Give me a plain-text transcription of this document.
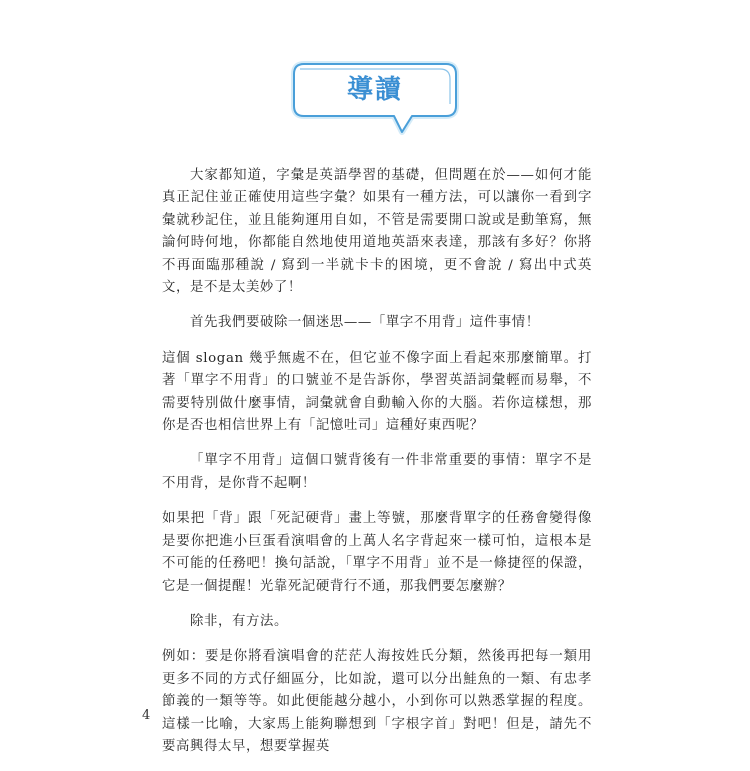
導讀

大家都知道，字彙是英語學習的基礎，但問題在於——如何才能真正記住並正確使用這些字彙？如果有一種方法，可以讓你一看到字彙就秒記住，並且能夠運用自如，不管是需要開口說或是動筆寫，無論何時何地，你都能自然地使用道地英語來表達，那該有多好？你將不再面臨那種說 / 寫到一半就卡卡的困境，更不會說 / 寫出中式英文，是不是太美妙了！

首先我們要破除一個迷思——「單字不用背」這件事情！

這個 slogan 幾乎無處不在，但它並不像字面上看起來那麼簡單。打著「單字不用背」的口號並不是告訴你，學習英語詞彙輕而易舉，不需要特別做什麼事情，詞彙就會自動輸入你的大腦。若你這樣想，那你是否也相信世界上有「記憶吐司」這種好東西呢？

「單字不用背」這個口號背後有一件非常重要的事情：單字不是不用背，是你背不起啊！

如果把「背」跟「死記硬背」畫上等號，那麼背單字的任務會變得像是要你把進小巨蛋看演唱會的上萬人名字背起來一樣可怕，這根本是不可能的任務吧！換句話說，「單字不用背」並不是一條捷徑的保證，它是一個提醒！光靠死記硬背行不通，那我們要怎麼辦？

除非，有方法。

例如：要是你將看演唱會的茫茫人海按姓氏分類，然後再把每一類用更多不同的方式仔細區分，比如說，還可以分出鮭魚的一類、有忠孝節義的一類等等。如此便能越分越小，小到你可以熟悉掌握的程度。這樣一比喻，大家馬上能夠聯想到「字根字首」對吧！但是，請先不要高興得太早，想要掌握英

4
